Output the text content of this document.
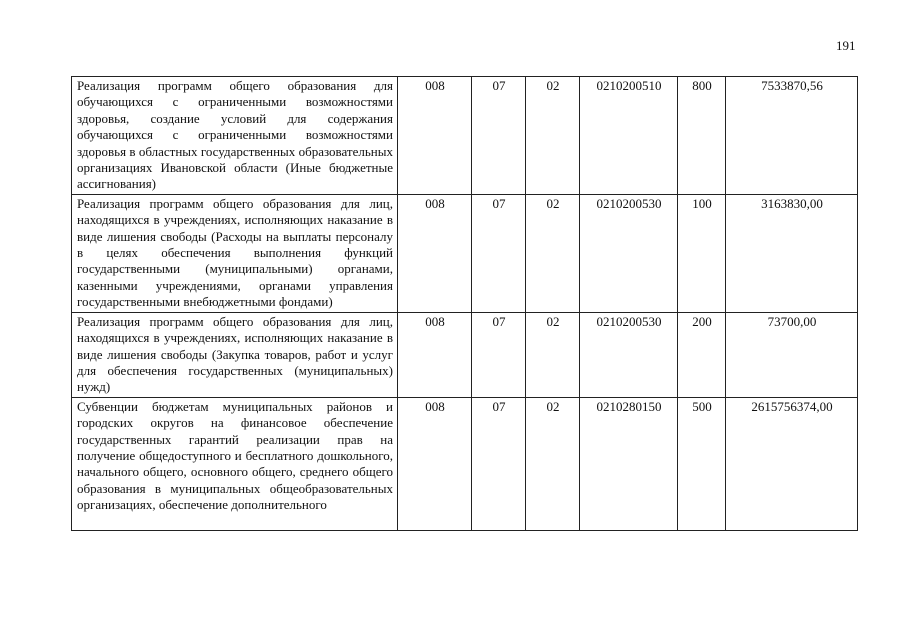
191
Реализация программ общего образования для обучающихся с ограниченными возможностями здоровья, создание условий для содержания обучающихся с ограниченными возможностями здоровья в областных государственных образовательных организациях Ивановской области (Иные бюджетные ассигнования)	008	07	02	0210200510	800	7533870,56
Реализация программ общего образования для лиц, находящихся в учреждениях, исполняющих наказание в виде лишения свободы (Расходы на выплаты персоналу в целях обеспечения выполнения функций государственными (муниципальными) органами, казенными учреждениями, органами управления государственными внебюджетными фондами)	008	07	02	0210200530	100	3163830,00
Реализация программ общего образования для лиц, находящихся в учреждениях, исполняющих наказание в виде лишения свободы (Закупка товаров, работ и услуг для обеспечения государственных (муниципальных) нужд)	008	07	02	0210200530	200	73700,00
Субвенции бюджетам муниципальных районов и городских округов на финансовое обеспечение государственных гарантий реализации прав на получение общедоступного и бесплатного дошкольного, начального общего, основного общего, среднего общего образования в муниципальных общеобразовательных организациях, обеспечение дополнительного	008	07	02	0210280150	500	2615756374,00
